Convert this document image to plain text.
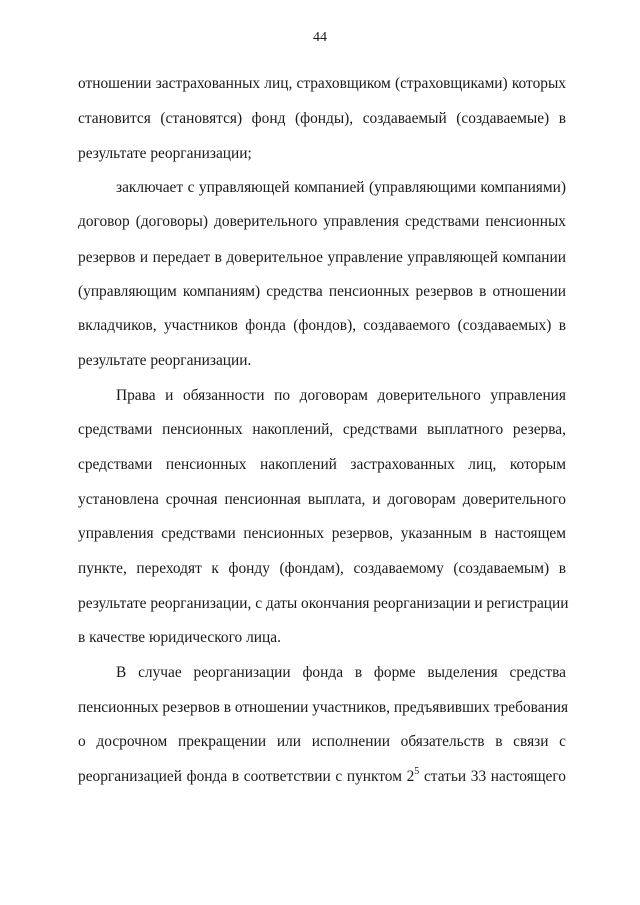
44
отношении застрахованных лиц, страховщиком (страховщиками) которых
становится (становятся) фонд (фонды), создаваемый (создаваемые) в
результате реорганизации;
заключает с управляющей компанией (управляющими компаниями)
договор (договоры) доверительного управления средствами пенсионных
резервов и передает в доверительное управление управляющей компании
(управляющим компаниям) средства пенсионных резервов в отношении
вкладчиков, участников фонда (фондов), создаваемого (создаваемых) в
результате реорганизации.
Права и обязанности по договорам доверительного управления
средствами пенсионных накоплений, средствами выплатного резерва,
средствами пенсионных накоплений застрахованных лиц, которым
установлена срочная пенсионная выплата, и договорам доверительного
управления средствами пенсионных резервов, указанным в настоящем
пункте, переходят к фонду (фондам), создаваемому (создаваемым) в
результате реорганизации, с даты окончания реорганизации и регистрации
в качестве юридического лица.
В случае реорганизации фонда в форме выделения средства
пенсионных резервов в отношении участников, предъявивших требования
о досрочном прекращении или исполнении обязательств в связи с
реорганизацией фонда в соответствии с пунктом $2^5$ статьи 33 настоящего
